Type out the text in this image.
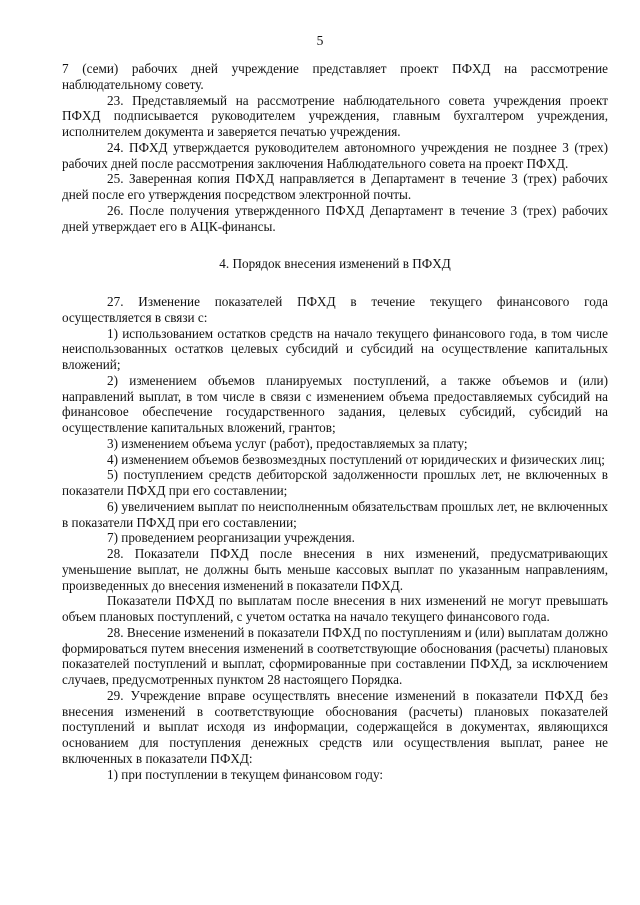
5

7 (семи) рабочих дней учреждение представляет проект ПФХД на рассмотрение наблюдательному совету.

23. Представляемый на рассмотрение наблюдательного совета учреждения проект ПФХД подписывается руководителем учреждения, главным бухгалтером учреждения, исполнителем документа и заверяется печатью учреждения.

24. ПФХД утверждается руководителем автономного учреждения не позднее 3 (трех) рабочих дней после рассмотрения заключения Наблюдательного совета на проект ПФХД.

25. Заверенная копия ПФХД направляется в Департамент в течение 3 (трех) рабочих дней после его утверждения посредством электронной почты.

26. После получения утвержденного ПФХД Департамент в течение 3 (трех) рабочих дней утверждает его в АЦК-финансы.

4. Порядок внесения изменений в ПФХД

27. Изменение показателей ПФХД в течение текущего финансового года осуществляется в связи с:

1) использованием остатков средств на начало текущего финансового года, в том числе неиспользованных остатков целевых субсидий и субсидий на осуществление капитальных вложений;

2) изменением объемов планируемых поступлений, а также объемов и (или) направлений выплат, в том числе в связи с изменением объема предоставляемых субсидий на финансовое обеспечение государственного задания, целевых субсидий, субсидий на осуществление капитальных вложений, грантов;

3) изменением объема услуг (работ), предоставляемых за плату;

4) изменением объемов безвозмездных поступлений от юридических и физических лиц;

5) поступлением средств дебиторской задолженности прошлых лет, не включенных в показатели ПФХД при его составлении;

6) увеличением выплат по неисполненным обязательствам прошлых лет, не включенных в показатели ПФХД при его составлении;

7) проведением реорганизации учреждения.

28. Показатели ПФХД после внесения в них изменений, предусматривающих уменьшение выплат, не должны быть меньше кассовых выплат по указанным направлениям, произведенных до внесения изменений в показатели ПФХД.

Показатели ПФХД по выплатам после внесения в них изменений не могут превышать объем плановых поступлений, с учетом остатка на начало текущего финансового года.

28. Внесение изменений в показатели ПФХД по поступлениям и (или) выплатам должно формироваться путем внесения изменений в соответствующие обоснования (расчеты) плановых показателей поступлений и выплат, сформированные при составлении ПФХД, за исключением случаев, предусмотренных пунктом 28 настоящего Порядка.

29. Учреждение вправе осуществлять внесение изменений в показатели ПФХД без внесения изменений в соответствующие обоснования (расчеты) плановых показателей поступлений и выплат исходя из информации, содержащейся в документах, являющихся основанием для поступления денежных средств или осуществления выплат, ранее не включенных в показатели ПФХД:

1) при поступлении в текущем финансовом году:
